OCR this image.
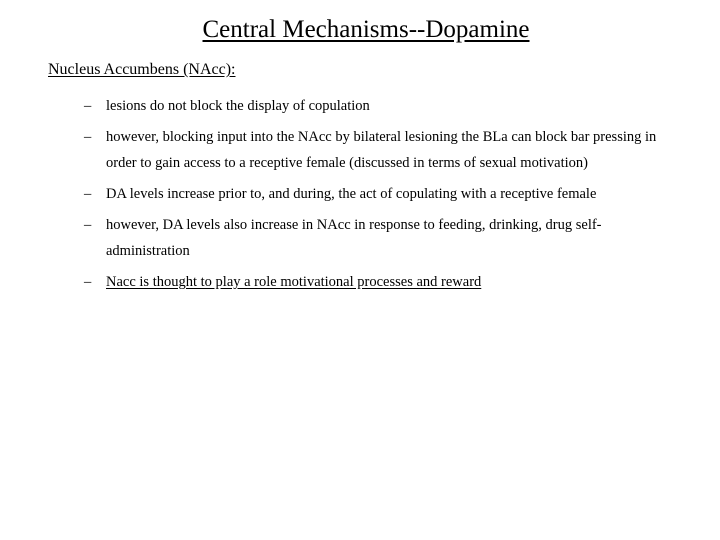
Central Mechanisms--Dopamine
Nucleus Accumbens (NAcc):
–	lesions do not block the display of copulation
–	however, blocking input into the NAcc by bilateral lesioning the BLa can block bar pressing in order to gain access to a receptive female (discussed in terms of sexual motivation)
–	DA levels increase prior to, and during, the act of copulating with a receptive female
–	however, DA levels also increase in NAcc in response to feeding, drinking, drug self-administration
–	Nacc is thought to play a role motivational processes and reward
